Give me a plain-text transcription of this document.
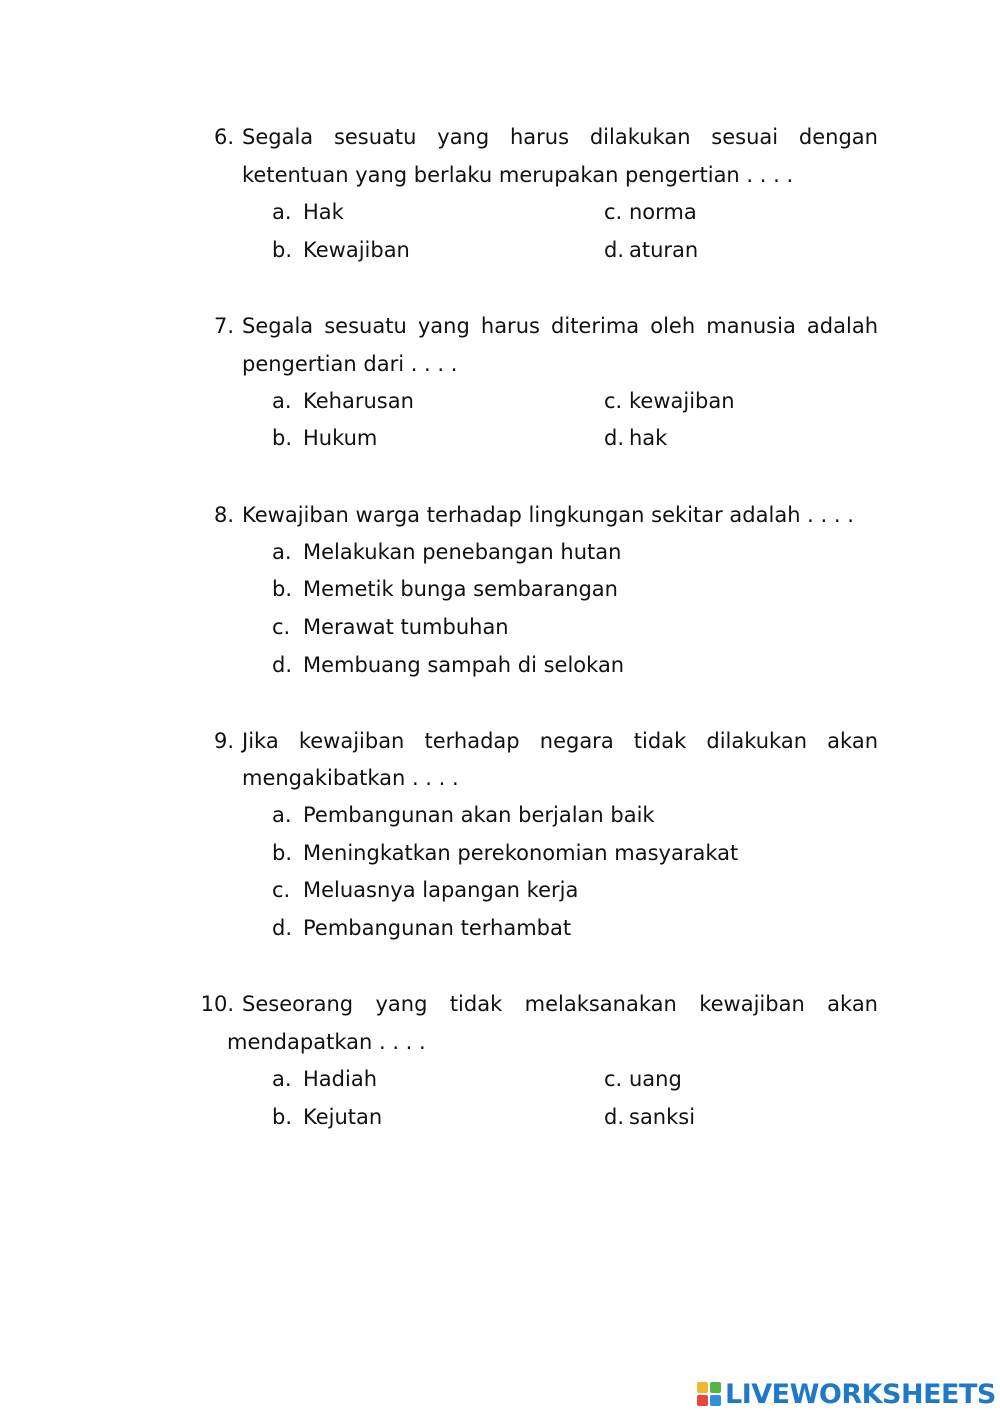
6. Segala sesuatu yang harus dilakukan sesuai dengan
ketentuan yang berlaku merupakan pengertian . . . .
a. Hak	c. norma
b. Kewajiban	d. aturan
7. Segala sesuatu yang harus diterima oleh manusia adalah
pengertian dari . . . .
a. Keharusan	c. kewajiban
b. Hukum	d. hak
8. Kewajiban warga terhadap lingkungan sekitar adalah . . . .
a. Melakukan penebangan hutan
b. Memetik bunga sembarangan
c. Merawat tumbuhan
d. Membuang sampah di selokan
9. Jika kewajiban terhadap negara tidak dilakukan akan
mengakibatkan . . . .
a. Pembangunan akan berjalan baik
b. Meningkatkan perekonomian masyarakat
c. Meluasnya lapangan kerja
d. Pembangunan terhambat
10. Seseorang yang tidak melaksanakan kewajiban akan
mendapatkan . . . .
a. Hadiah	c. uang
b. Kejutan	d. sanksi
LIVEWORKSHEETS
